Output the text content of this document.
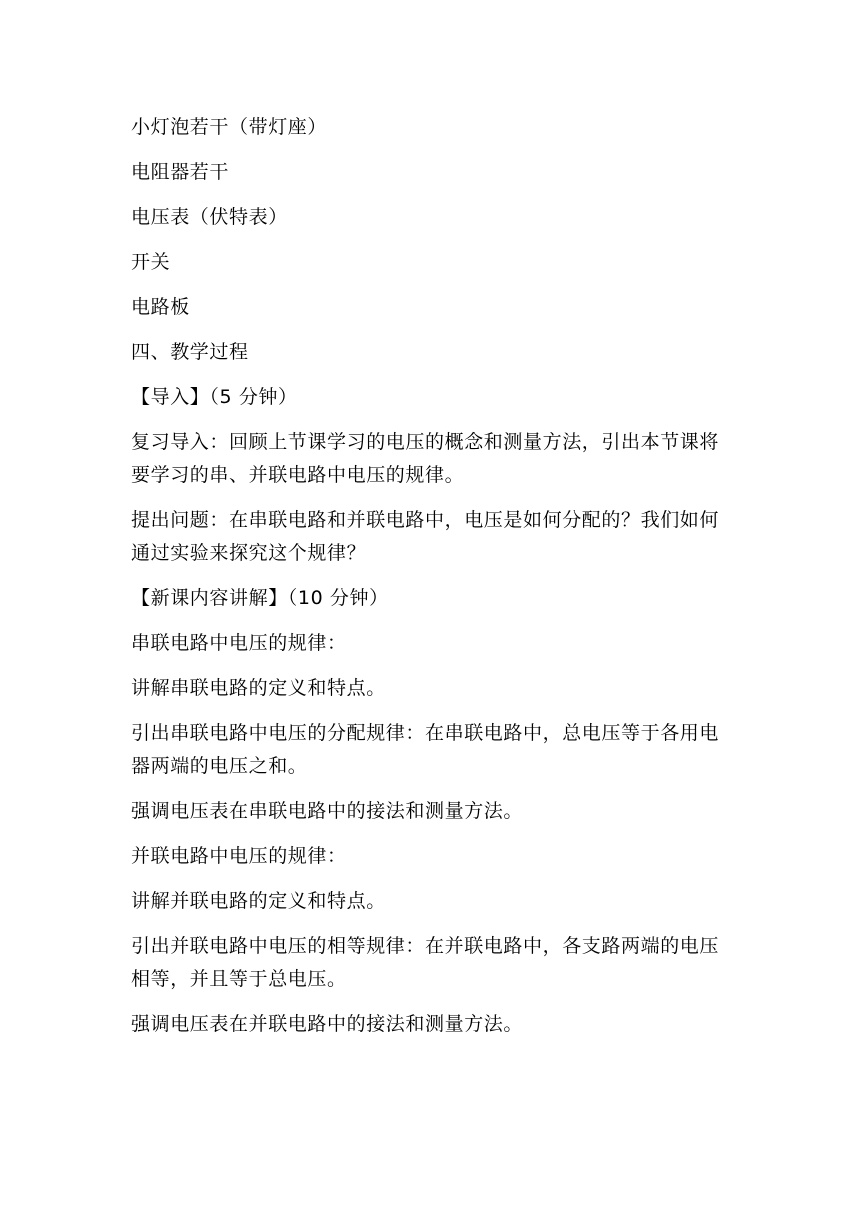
小灯泡若干（带灯座）

电阻器若干

电压表（伏特表）

开关

电路板

四、教学过程

【导入】（5 分钟）

复习导入：回顾上节课学习的电压的概念和测量方法，引出本节课将要学习的串、并联电路中电压的规律。

提出问题：在串联电路和并联电路中，电压是如何分配的？我们如何通过实验来探究这个规律？

【新课内容讲解】（10 分钟）

串联电路中电压的规律：

讲解串联电路的定义和特点。

引出串联电路中电压的分配规律：在串联电路中，总电压等于各用电器两端的电压之和。

强调电压表在串联电路中的接法和测量方法。

并联电路中电压的规律：

讲解并联电路的定义和特点。

引出并联电路中电压的相等规律：在并联电路中，各支路两端的电压相等，并且等于总电压。

强调电压表在并联电路中的接法和测量方法。
